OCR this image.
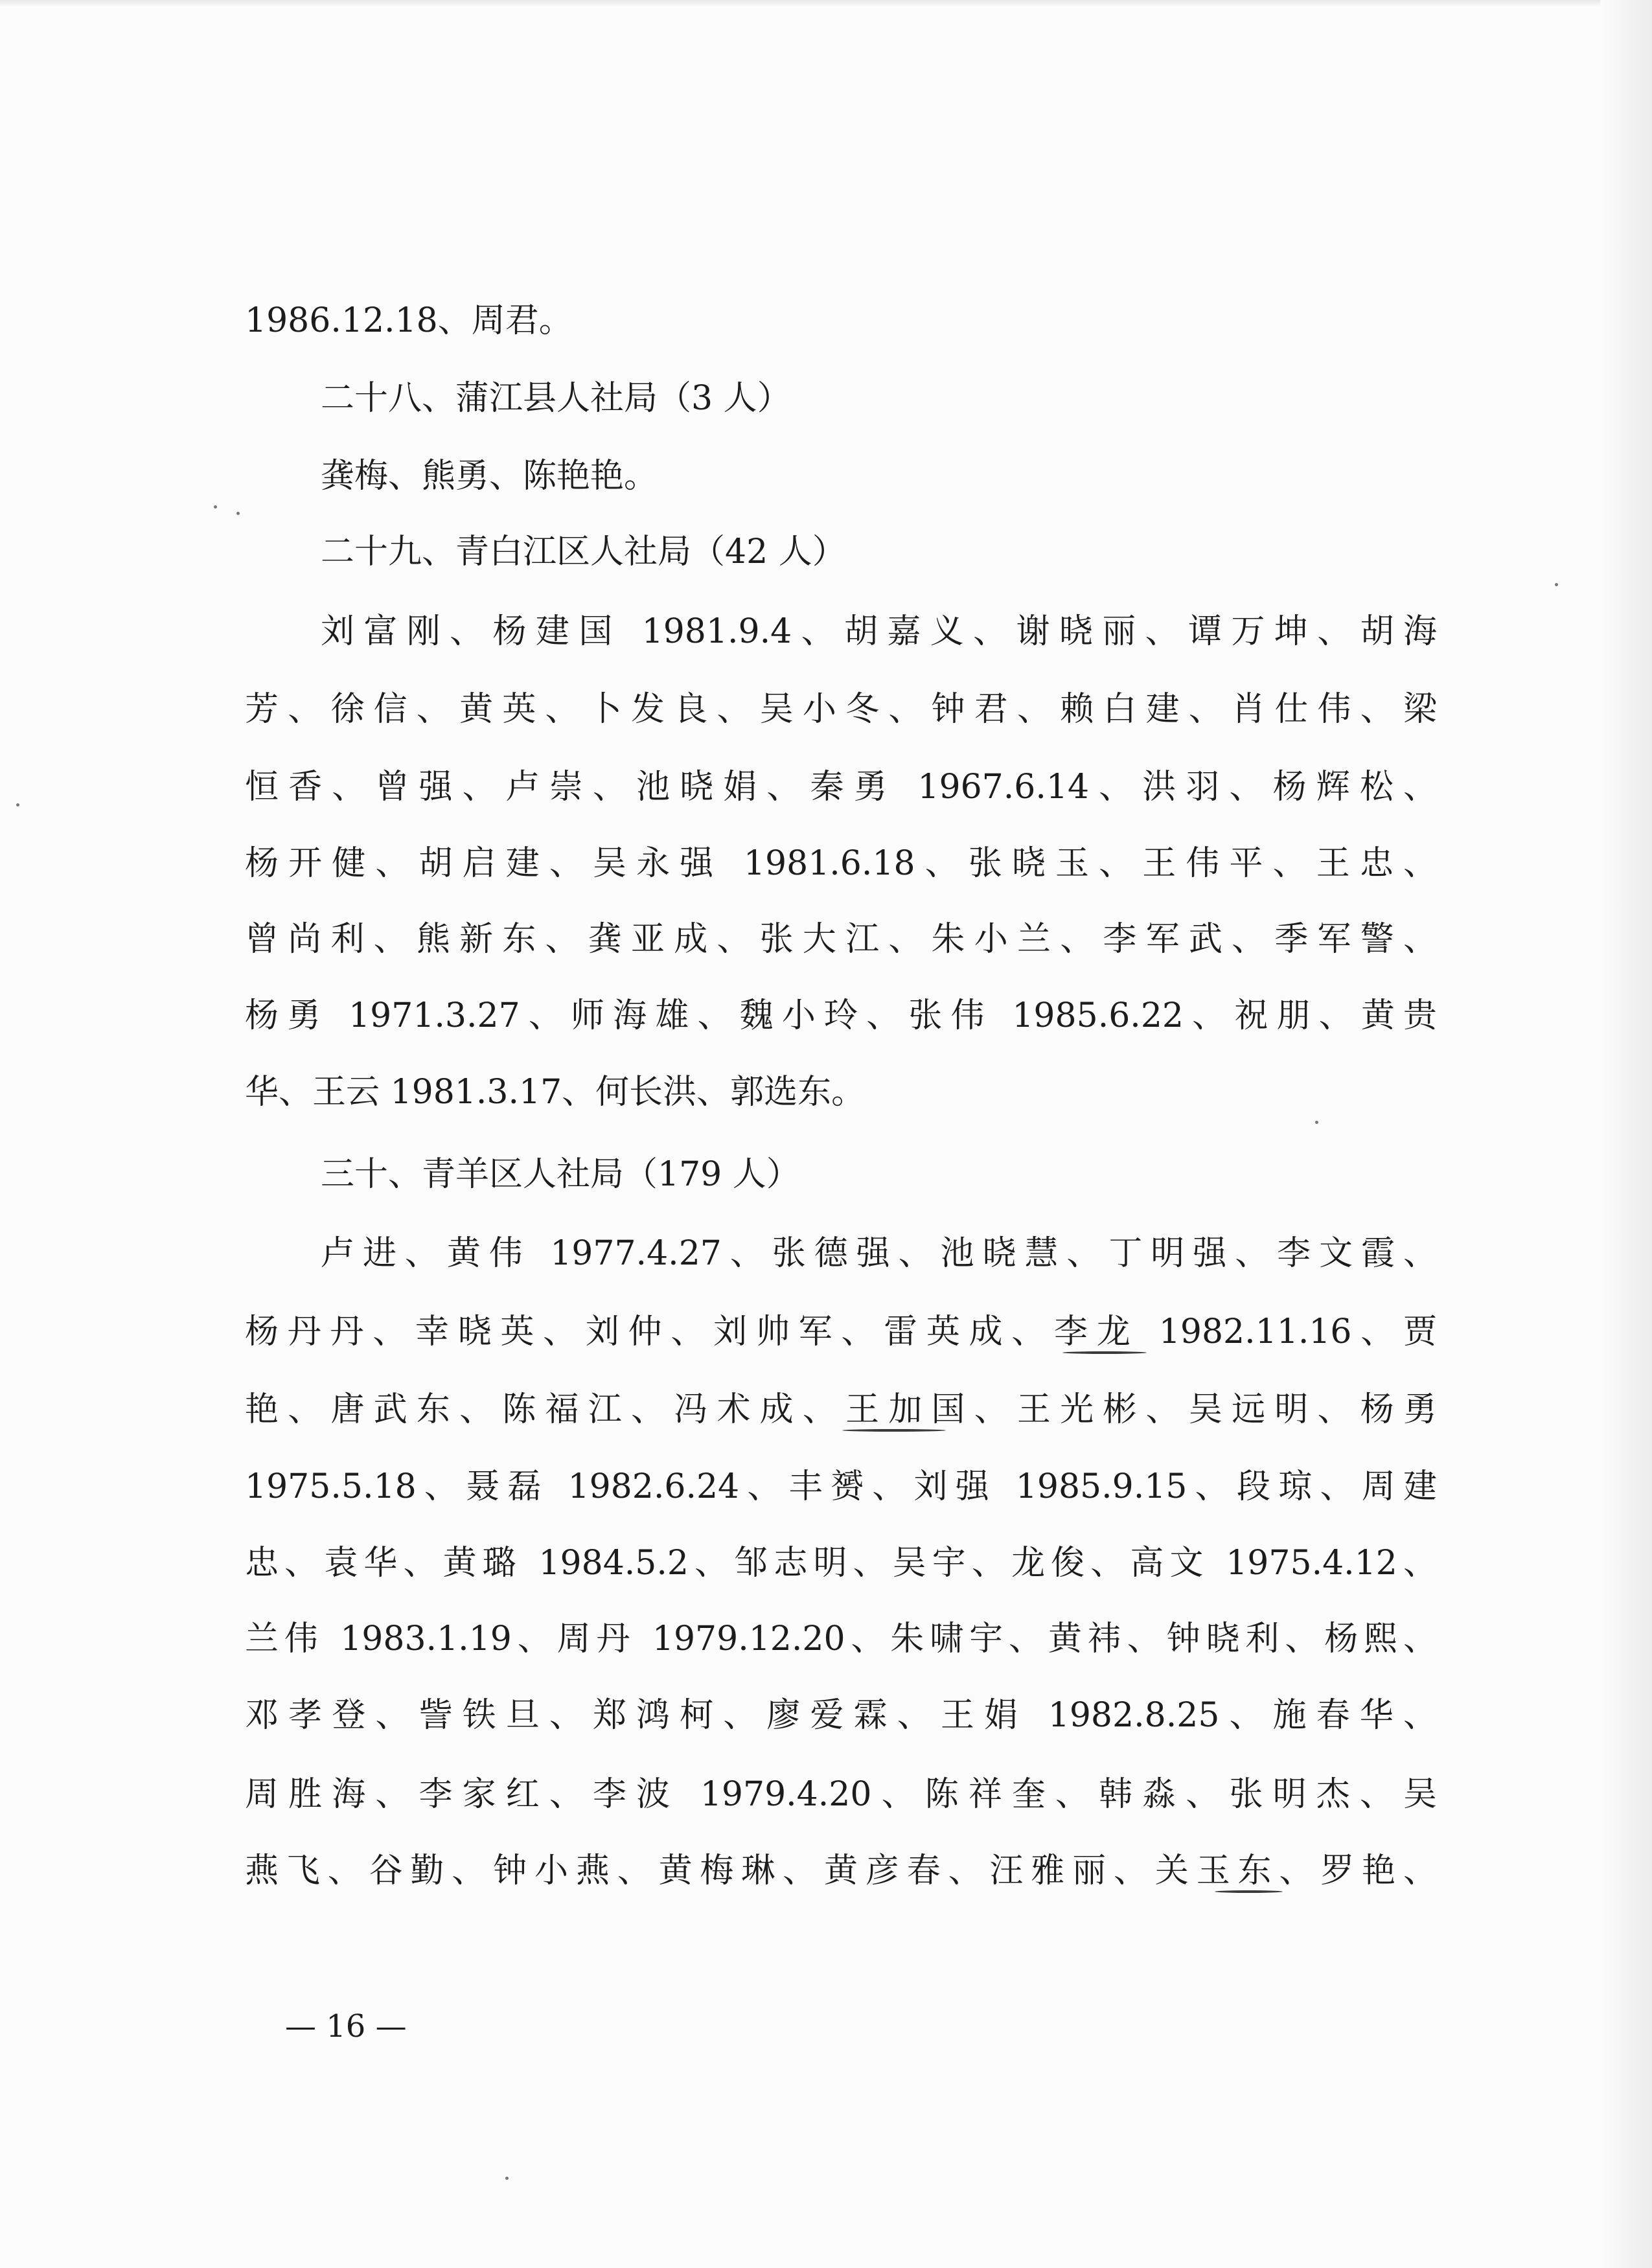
1986.12.18、周君。

二十八、蒲江县人社局（3 人）

龚梅、熊勇、陈艳艳。

二十九、青白江区人社局（42 人）

刘富刚、杨建国 1981.9.4、胡嘉义、谢晓丽、谭万坤、胡海

芳、徐信、黄英、卜发良、吴小冬、钟君、赖白建、肖仕伟、梁

恒香、曾强、卢崇、池晓娟、秦勇 1967.6.14、洪羽、杨辉松、

杨开健、胡启建、吴永强 1981.6.18、张晓玉、王伟平、王忠、

曾尚利、熊新东、龚亚成、张大江、朱小兰、李军武、季军警、

杨勇 1971.3.27、师海雄、魏小玲、张伟 1985.6.22、祝朋、黄贵

华、王云 1981.3.17、何长洪、郭选东。

三十、青羊区人社局（179 人）

卢进、黄伟 1977.4.27、张德强、池晓慧、丁明强、李文霞、

杨丹丹、幸晓英、刘仲、刘帅军、雷英成、李龙 1982.11.16、贾

艳、唐武东、陈福江、冯术成、王加国、王光彬、吴远明、杨勇

1975.5.18、聂磊 1982.6.24、丰赟、刘强 1985.9.15、段琼、周建

忠、袁华、黄璐 1984.5.2、邹志明、吴宇、龙俊、高文 1975.4.12、

兰伟 1983.1.19、周丹 1979.12.20、朱啸宇、黄祎、钟晓利、杨熙、

邓孝登、訾铁旦、郑鸿柯、廖爱霖、王娟 1982.8.25、施春华、

周胜海、李家红、李波 1979.4.20、陈祥奎、韩淼、张明杰、吴

燕飞、谷勤、钟小燕、黄梅琳、黄彦春、汪雅丽、关玉东、罗艳、

— 16 —
